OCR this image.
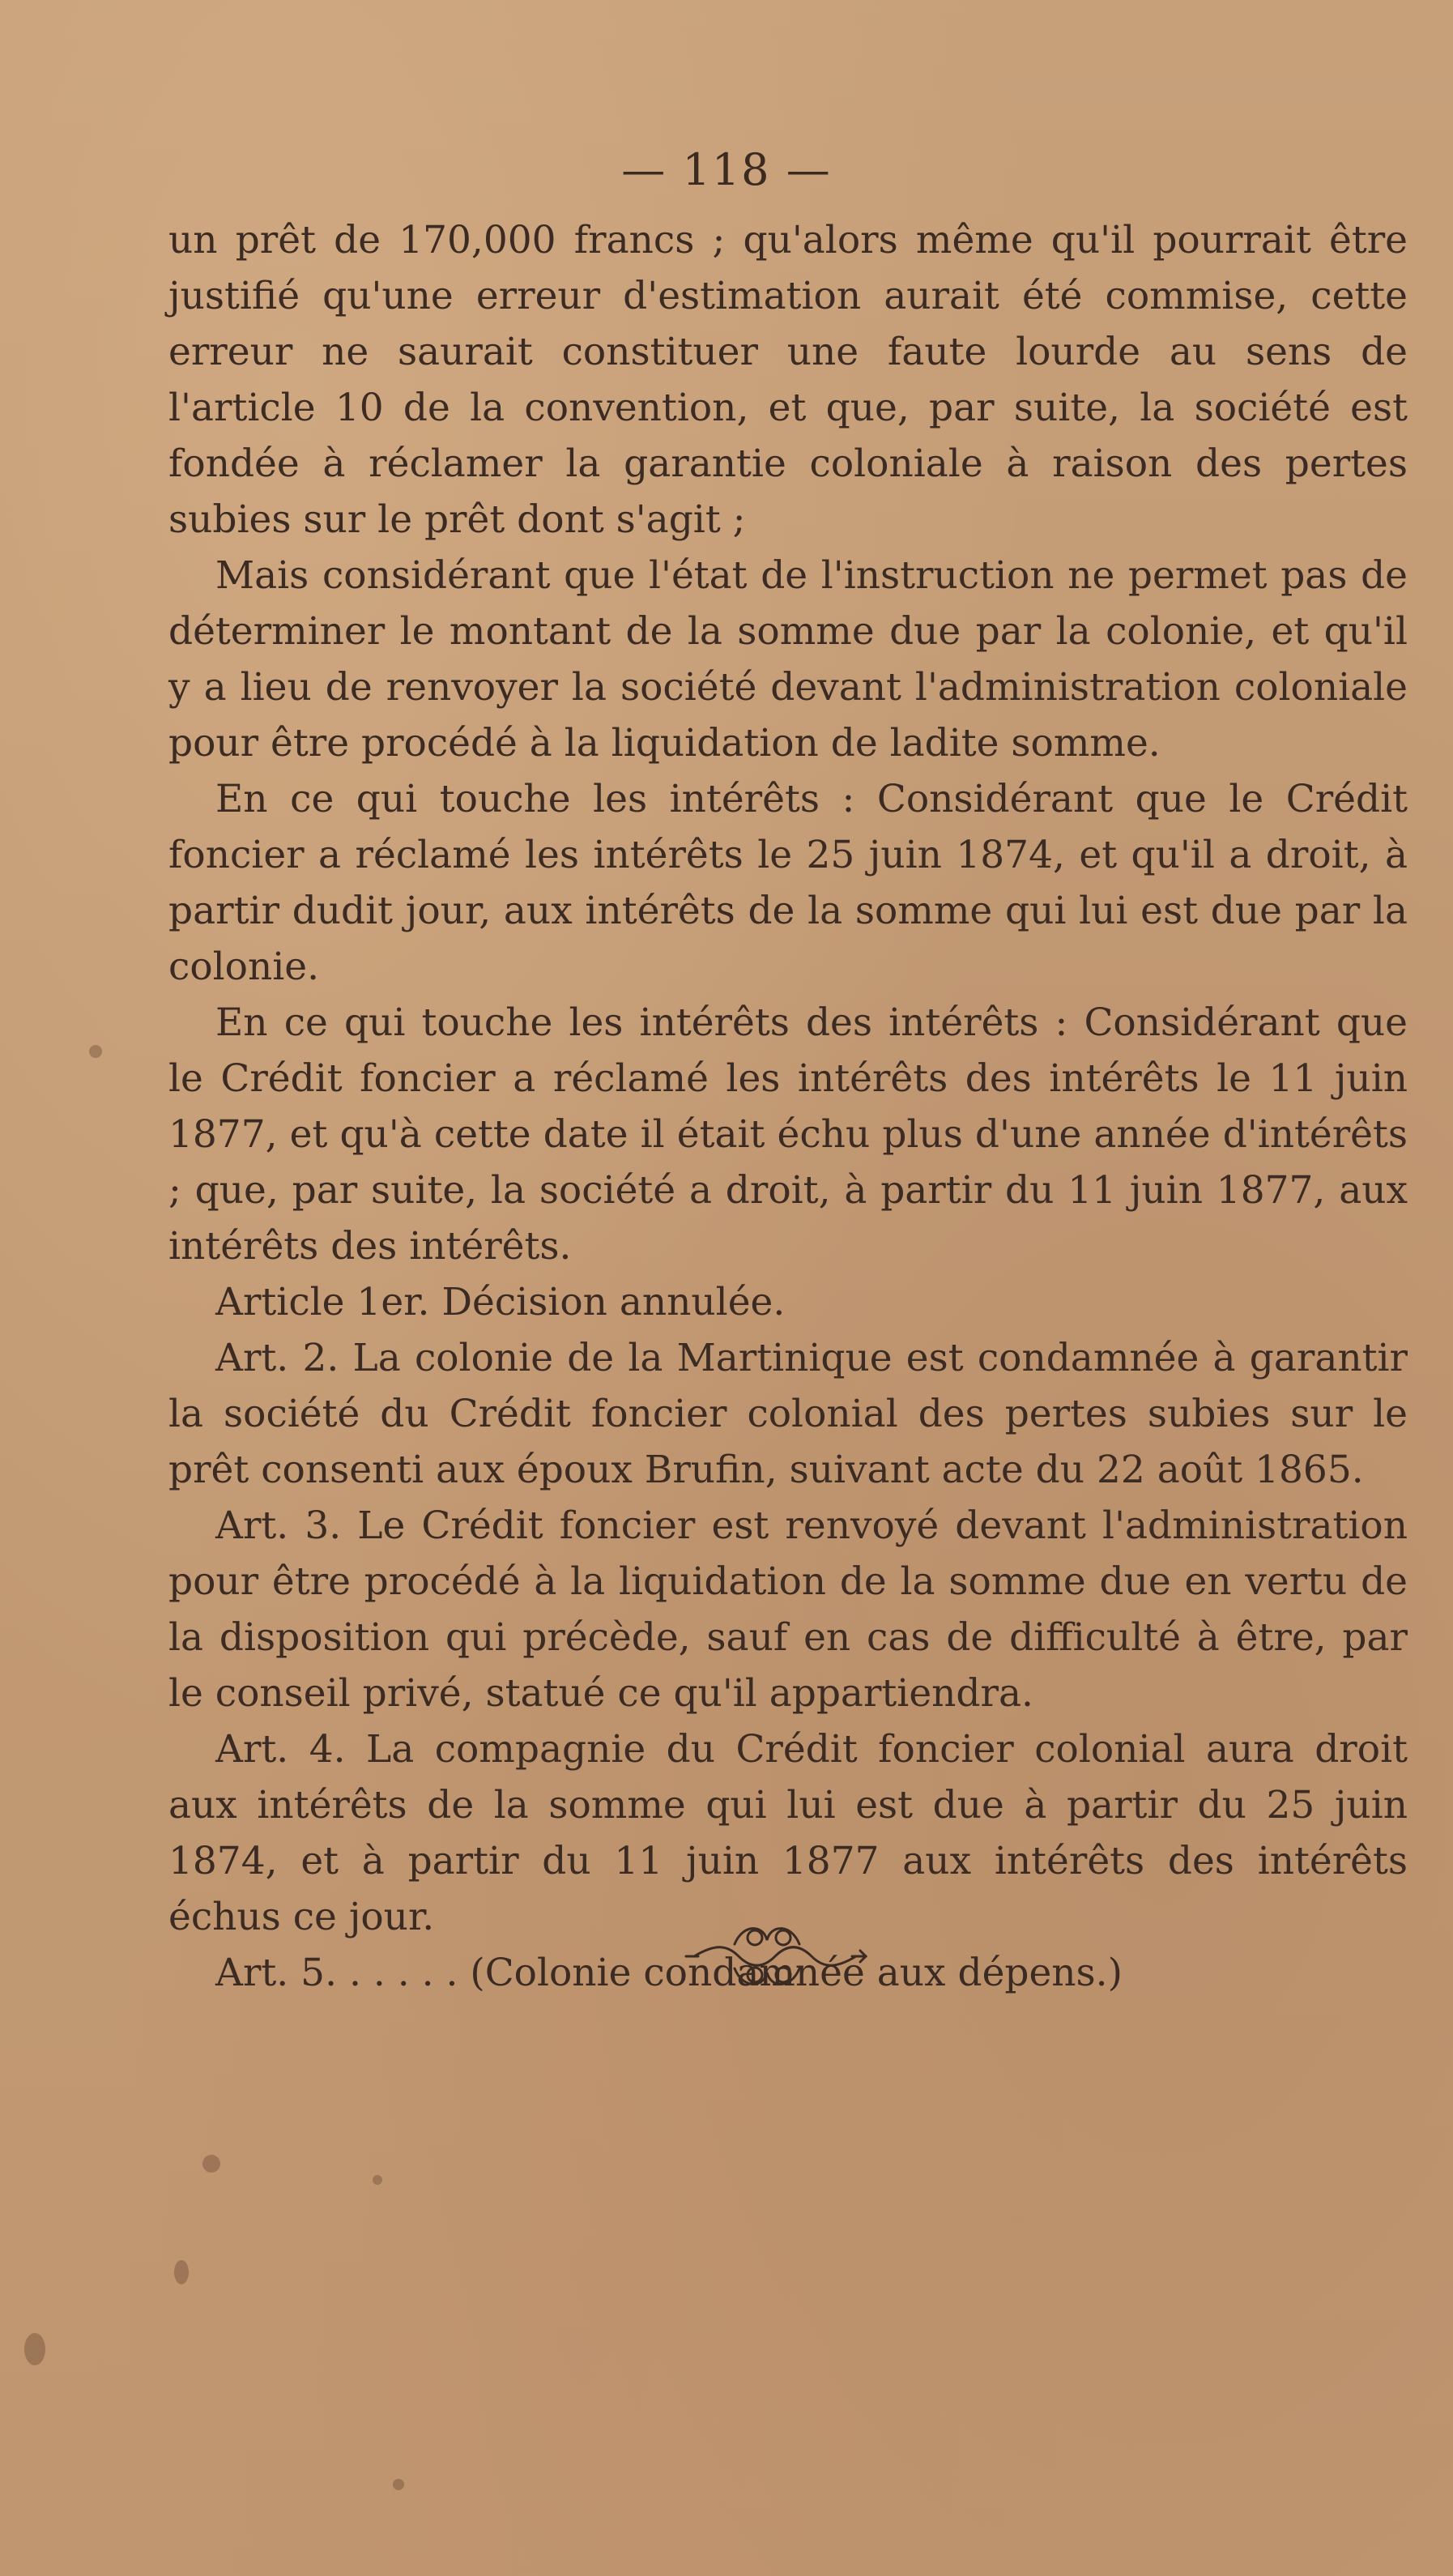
— 118 —

un prêt de 170,000 francs ; qu'alors même qu'il pourrait être justifié qu'une erreur d'estimation aurait été commise, cette erreur ne saurait constituer une faute lourde au sens de l'article 10 de la convention, et que, par suite, la société est fondée à réclamer la garantie coloniale à raison des pertes subies sur le prêt dont s'agit ;

Mais considérant que l'état de l'instruction ne permet pas de déterminer le montant de la somme due par la colonie, et qu'il y a lieu de renvoyer la société devant l'administration coloniale pour être procédé à la liquidation de ladite somme.

En ce qui touche les intérêts : Considérant que le Crédit foncier a réclamé les intérêts le 25 juin 1874, et qu'il a droit, à partir dudit jour, aux intérêts de la somme qui lui est due par la colonie.

En ce qui touche les intérêts des intérêts : Considérant que le Crédit foncier a réclamé les intérêts des intérêts le 11 juin 1877, et qu'à cette date il était échu plus d'une année d'intérêts ; que, par suite, la société a droit, à partir du 11 juin 1877, aux intérêts des intérêts.

Article 1er. Décision annulée.

Art. 2. La colonie de la Martinique est condamnée à garantir la société du Crédit foncier colonial des pertes subies sur le prêt consenti aux époux Brufin, suivant acte du 22 août 1865.

Art. 3. Le Crédit foncier est renvoyé devant l'administration pour être procédé à la liquidation de la somme due en vertu de la disposition qui précède, sauf en cas de difficulté à être, par le conseil privé, statué ce qu'il appartiendra.

Art. 4. La compagnie du Crédit foncier colonial aura droit aux intérêts de la somme qui lui est due à partir du 25 juin 1874, et à partir du 11 juin 1877 aux intérêts des intérêts échus ce jour.

Art. 5. . . . . . (Colonie condamnée aux dépens.)
